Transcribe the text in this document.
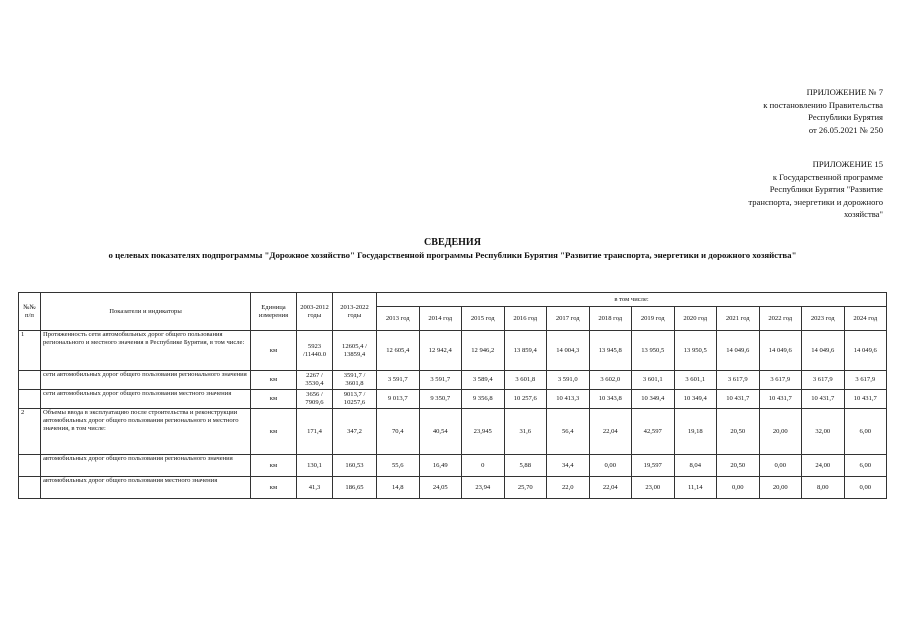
ПРИЛОЖЕНИЕ № 7
к постановлению Правительства
Республики Бурятия
от 26.05.2021 № 250
ПРИЛОЖЕНИЕ 15
к Государственной программе
Республики Бурятия "Развитие
транспорта, энергетики и дорожного
хозяйства"
СВЕДЕНИЯ
о целевых показателях подпрограммы "Дорожное хозяйство" Государственной программы Республики Бурятия "Развитие транспорта, энергетики и дорожного хозяйства"
№№ п/п	Показатели и индикаторы	Единица измерения	2003-2012 годы	2013-2022 годы	в том числе:											
					2013 год	2014 год	2015 год	2016 год	2017 год	2018 год	2019 год	2020 год	2021 год	2022 год	2023 год	2024 год
1	Протяженность сети автомобильных дорог общего пользования регионального и местного значения в Республике Бурятия, в том числе:	км	5923 /11440.0	12605,4 / 13859,4	12 605,4	12 942,4	12 946,2	13 859,4	14 004,3	13 945,8	13 950,5	13 950,5	14 049,6	14 049,6	14 049,6	14 049,6
	сети автомобильных дорог общего пользования регионального значения	км	2267 / 3530,4	3591,7 / 3601,8	3 591,7	3 591,7	3 589,4	3 601,8	3 591,0	3 602,0	3 601,1	3 601,1	3 617,9	3 617,9	3 617,9	3 617,9
	сети автомобильных дорог общего пользования местного значения	км	3656 / 7909,6	9013,7 / 10257,6	9 013,7	9 350,7	9 356,8	10 257,6	10 413,3	10 343,8	10 349,4	10 349,4	10 431,7	10 431,7	10 431,7	10 431,7
2	Объемы ввода в эксплуатацию после строительства и реконструкции автомобильных дорог общего пользования регионального и местного значения, в том числе:	км	171,4	347,2	70,4	40,54	23,945	31,6	56,4	22,04	42,597	19,18	20,50	20,00	32,00	6,00
	автомобильных дорог общего пользования регионального значения	км	130,1	160,53	55,6	16,49	0	5,88	34,4	0,00	19,597	8,04	20,50	0,00	24,00	6,00
	автомобильных дорог общего пользования местного значения	км	41,3	186,65	14,8	24,05	23,94	25,70	22,0	22,04	23,00	11,14	0,00	20,00	8,00	0,00
